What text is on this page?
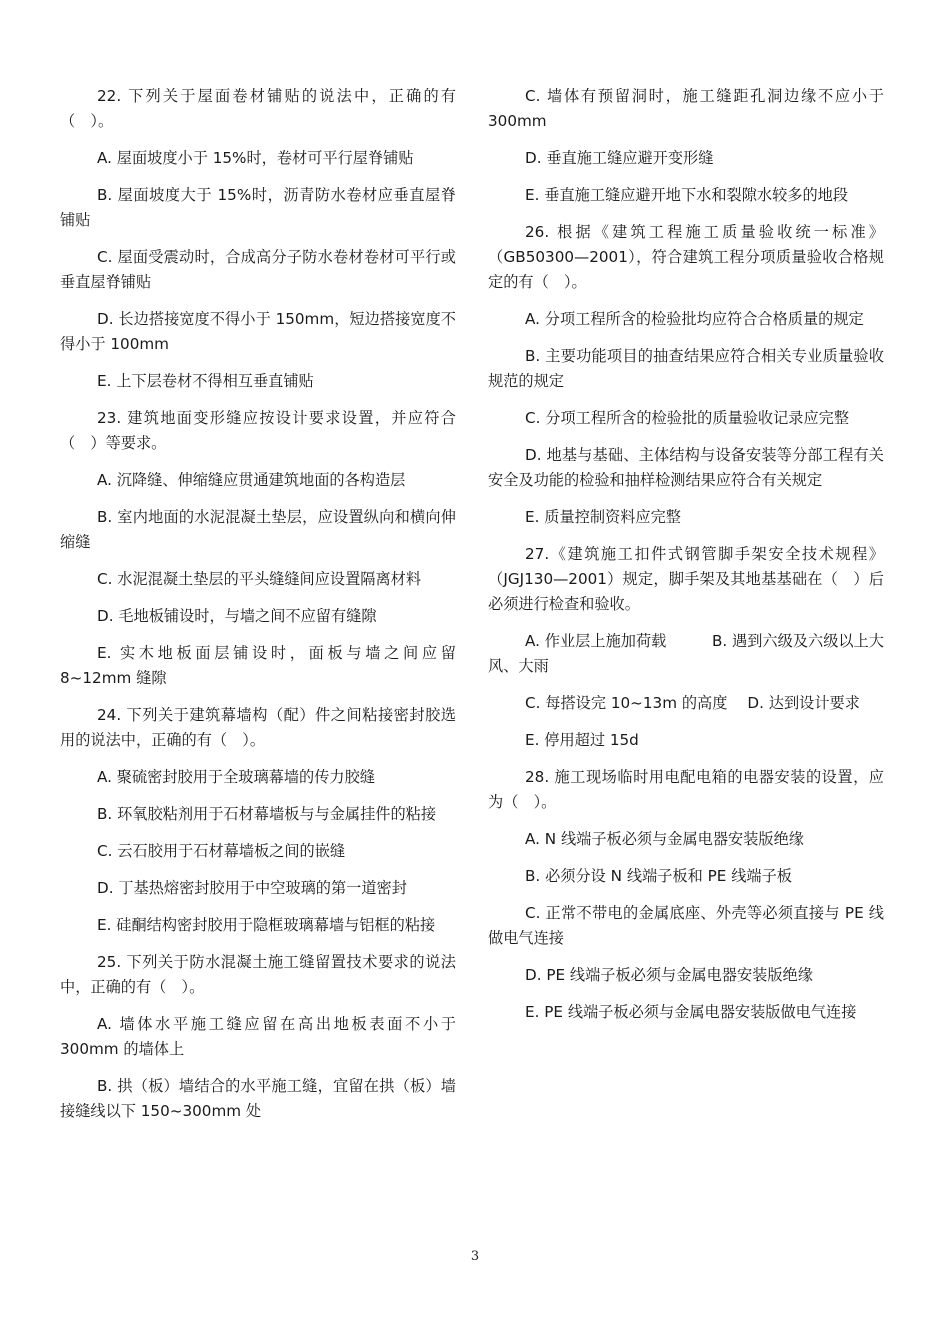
22. 下列关于屋面卷材铺贴的说法中，正确的有（　）。

A. 屋面坡度小于 15%时，卷材可平行屋脊铺贴

B. 屋面坡度大于 15%时，沥青防水卷材应垂直屋脊铺贴

C. 屋面受震动时，合成高分子防水卷材卷材可平行或垂直屋脊铺贴

D. 长边搭接宽度不得小于 150mm，短边搭接宽度不得小于 100mm

E. 上下层卷材不得相互垂直铺贴

23. 建筑地面变形缝应按设计要求设置，并应符合（　）等要求。

A. 沉降缝、伸缩缝应贯通建筑地面的各构造层

B. 室内地面的水泥混凝土垫层，应设置纵向和横向伸缩缝

C. 水泥混凝土垫层的平头缝缝间应设置隔离材料

D. 毛地板铺设时，与墙之间不应留有缝隙

E. 实木地板面层铺设时，面板与墙之间应留 8~12mm 缝隙

24. 下列关于建筑幕墙构（配）件之间粘接密封胶选用的说法中，正确的有（　）。

A. 聚硫密封胶用于全玻璃幕墙的传力胶缝

B. 环氧胶粘剂用于石材幕墙板与与金属挂件的粘接

C. 云石胶用于石材幕墙板之间的嵌缝

D. 丁基热熔密封胶用于中空玻璃的第一道密封

E. 硅酮结构密封胶用于隐框玻璃幕墙与铝框的粘接

25. 下列关于防水混凝土施工缝留置技术要求的说法中，正确的有（　）。

A. 墙体水平施工缝应留在高出地板表面不小于 300mm 的墙体上

B. 拱（板）墙结合的水平施工缝，宜留在拱（板）墙接缝线以下 150~300mm 处

C. 墙体有预留洞时，施工缝距孔洞边缘不应小于 300mm

D. 垂直施工缝应避开变形缝

E. 垂直施工缝应避开地下水和裂隙水较多的地段

26. 根据《建筑工程施工质量验收统一标准》（GB50300—2001），符合建筑工程分项质量验收合格规定的有（　）。

A. 分项工程所含的检验批均应符合合格质量的规定

B. 主要功能项目的抽查结果应符合相关专业质量验收规范的规定

C. 分项工程所含的检验批的质量验收记录应完整

D. 地基与基础、主体结构与设备安装等分部工程有关安全及功能的检验和抽样检测结果应符合有关规定

E. 质量控制资料应完整

27.《建筑施工扣件式钢管脚手架安全技术规程》（JGJ130—2001）规定，脚手架及其地基基础在（　）后必须进行检查和验收。

A. 作业层上施加荷载　　　B. 遇到六级及六级以上大风、大雨

C. 每搭设完 10~13m 的高度　 D. 达到设计要求

E. 停用超过 15d

28. 施工现场临时用电配电箱的电器安装的设置，应为（　）。

A. N 线端子板必须与金属电器安装版绝缘

B. 必须分设 N 线端子板和 PE 线端子板

C. 正常不带电的金属底座、外壳等必须直接与 PE 线做电气连接

D. PE 线端子板必须与金属电器安装版绝缘

E. PE 线端子板必须与金属电器安装版做电气连接

3
